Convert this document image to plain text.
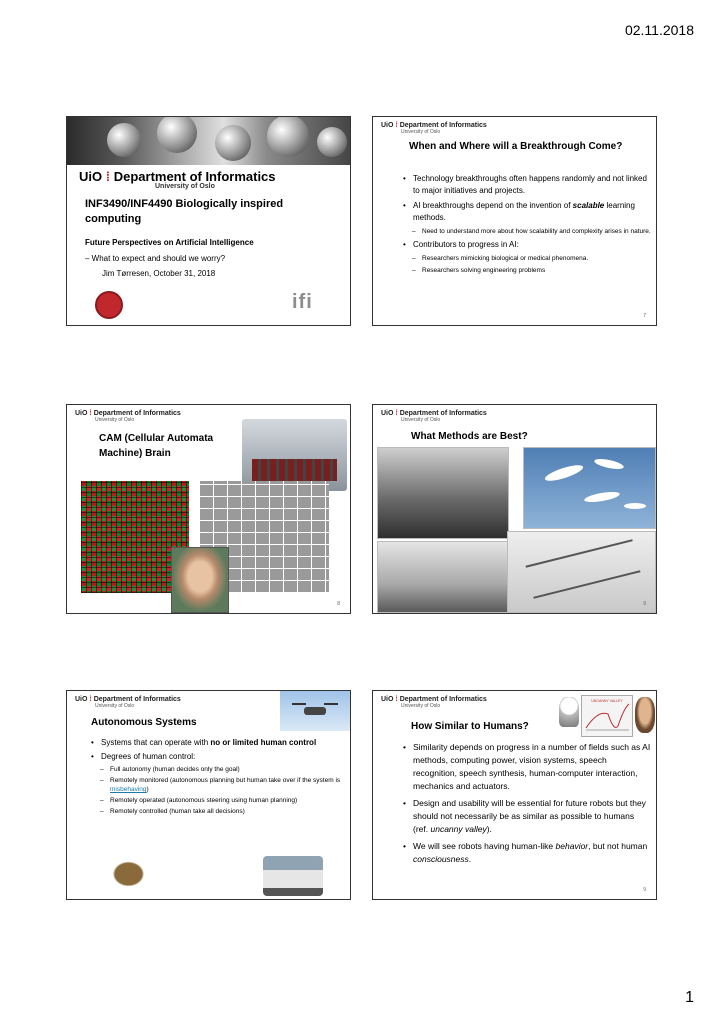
02.11.2018
UiO ⁞ Department of Informatics
University of Oslo
INF3490/INF4490 Biologically inspired computing
Future Perspectives on Artificial Intelligence
– What to expect and should we worry?
Jim Tørresen, October 31, 2018
ifi
UiO ⁞ Department of Informatics
University of Oslo
When and Where will a Breakthrough Come?
• Technology breakthroughs often happens randomly and not linked to major initiatives and projects.
• AI breakthroughs depend on the invention of scalable learning methods.
– Need to understand more about how scalability and complexity arises in nature.
• Contributors to progress in AI:
– Researchers mimicking biological or medical phenomena.
– Researchers solving engineering problems
7
UiO ⁞ Department of Informatics
University of Oslo
CAM (Cellular Automata Machine) Brain
8
UiO ⁞ Department of Informatics
University of Oslo
What Methods are Best?
9
UiO ⁞ Department of Informatics
University of Oslo
Autonomous Systems
• Systems that can operate with no or limited human control
• Degrees of human control:
– Full autonomy (human decides only the goal)
– Remotely monitored (autonomous planning but human take over if the system is misbehaving)
– Remotely operated (autonomous steering using human planning)
– Remotely controlled (human take all decisions)
UiO ⁞ Department of Informatics
University of Oslo
UNCANNY VALLEY
How Similar to Humans?
• Similarity depends on progress in a number of fields such as AI methods, computing power, vision systems, speech recognition, speech synthesis, human-computer interaction, mechanics and actuators.
• Design and usability will be essential for future robots but they should not necessarily be as similar as possible to humans (ref. uncanny valley).
• We will see robots having human-like behavior, but not human consciousness.
9
1
